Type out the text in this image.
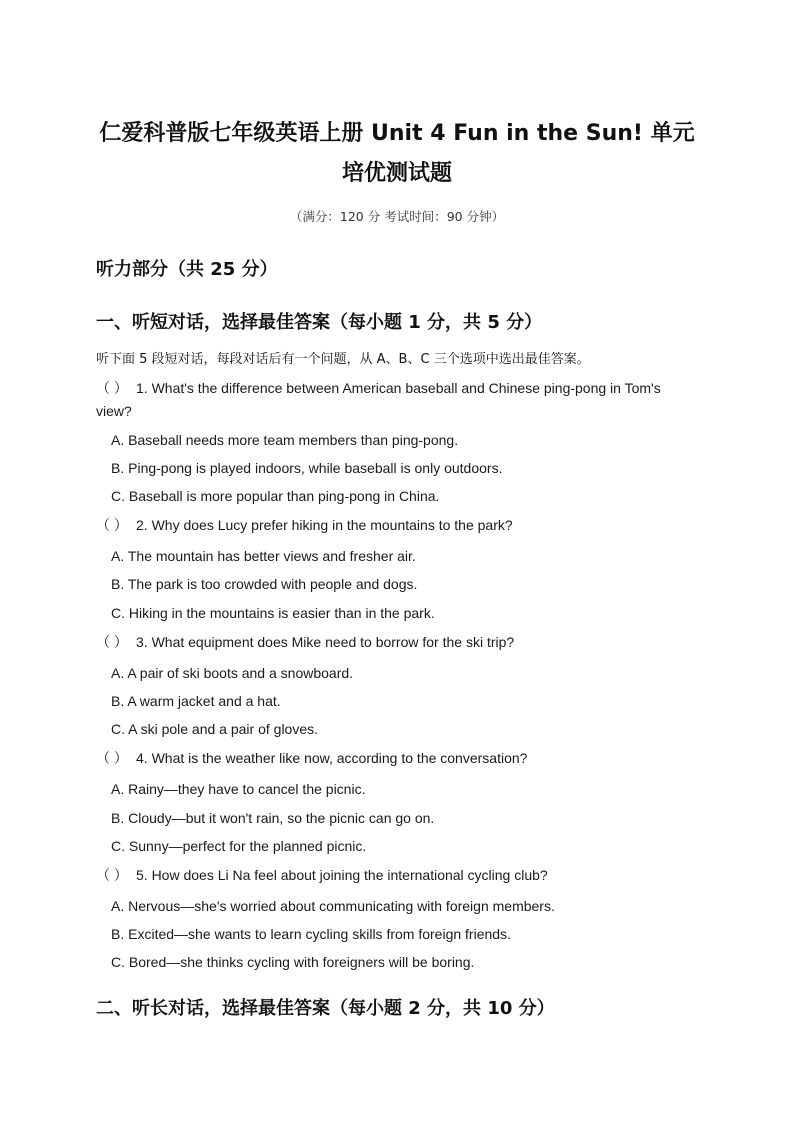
仁爱科普版七年级英语上册 Unit 4 Fun in the Sun! 单元
培优测试题
（满分：120 分 考试时间：90 分钟）
听力部分（共 25 分）
一、听短对话，选择最佳答案（每小题 1 分，共 5 分）
听下面 5 段短对话，每段对话后有一个问题，从 A、B、C 三个选项中选出最佳答案。
（ ） 1. What's the difference between American baseball and Chinese ping-pong in Tom's
view?
A. Baseball needs more team members than ping-pong.
B. Ping-pong is played indoors, while baseball is only outdoors.
C. Baseball is more popular than ping-pong in China.
（ ） 2. Why does Lucy prefer hiking in the mountains to the park?
A. The mountain has better views and fresher air.
B. The park is too crowded with people and dogs.
C. Hiking in the mountains is easier than in the park.
（ ） 3. What equipment does Mike need to borrow for the ski trip?
A. A pair of ski boots and a snowboard.
B. A warm jacket and a hat.
C. A ski pole and a pair of gloves.
（ ） 4. What is the weather like now, according to the conversation?
A. Rainy—they have to cancel the picnic.
B. Cloudy—but it won't rain, so the picnic can go on.
C. Sunny—perfect for the planned picnic.
（ ） 5. How does Li Na feel about joining the international cycling club?
A. Nervous—she's worried about communicating with foreign members.
B. Excited—she wants to learn cycling skills from foreign friends.
C. Bored—she thinks cycling with foreigners will be boring.
二、听长对话，选择最佳答案（每小题 2 分，共 10 分）
